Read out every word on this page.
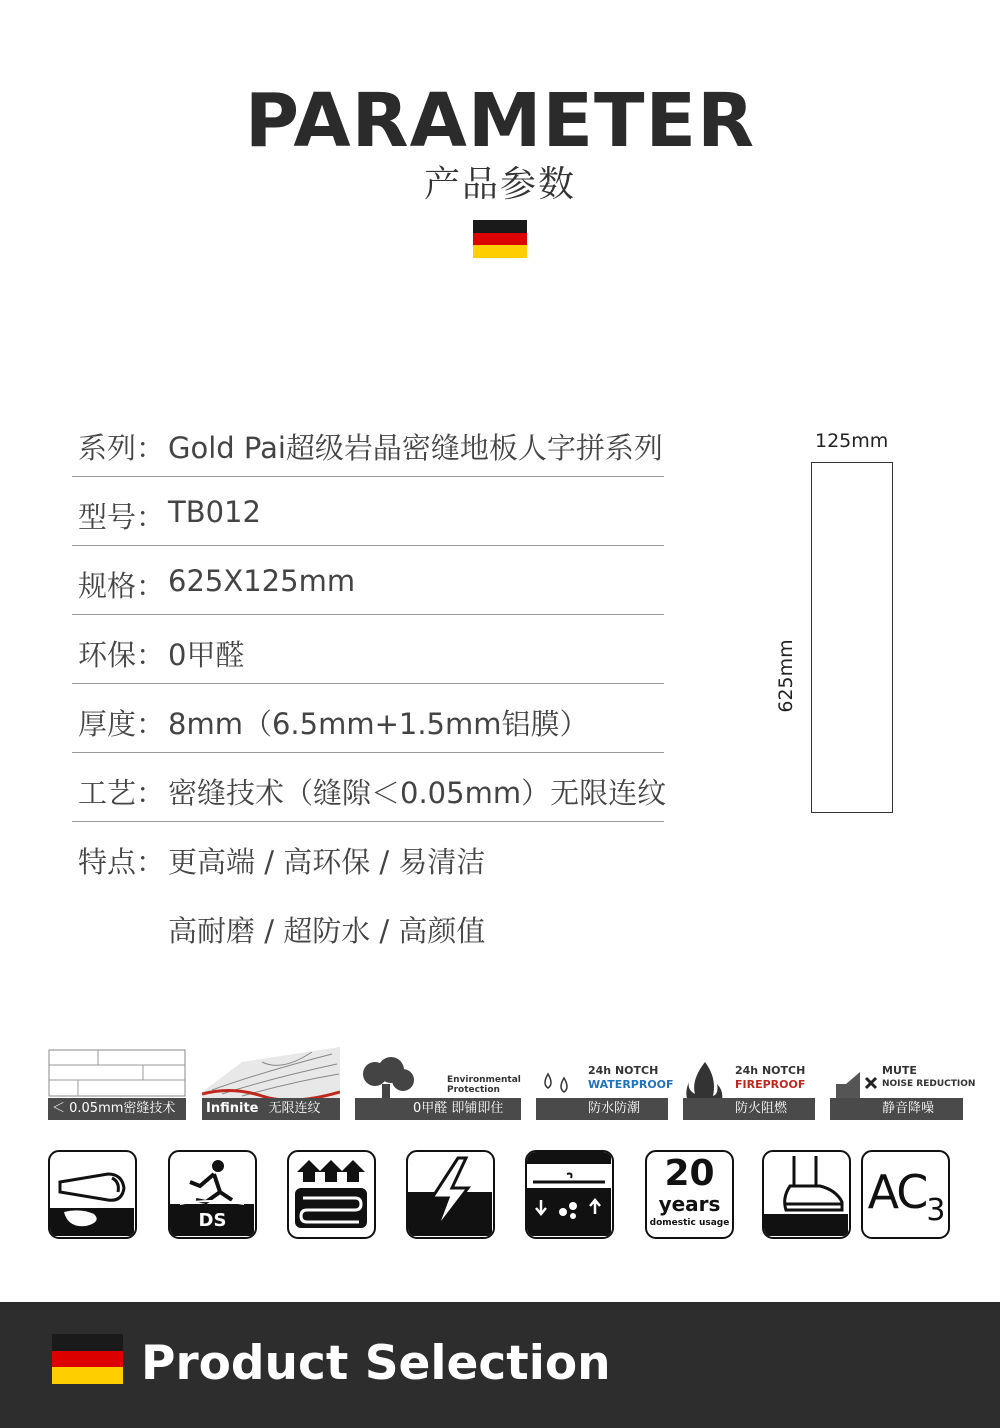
PARAMETER
产品参数
系列： Gold Pai超级岩晶密缝地板人字拼系列
型号： TB012
规格： 625X125mm
环保： 0甲醛
厚度： 8mm（6.5mm+1.5mm铝膜）
工艺： 密缝技术（缝隙＜0.05mm）无限连纹
特点： 更高端 / 高环保 / 易清洁
高耐磨 / 超防水 / 高颜值
125mm
625mm
＜ 0.05mm密缝技术	Infinite 无限连纹
Environmental
Protection
0甲醛 即铺即住
24h NOTCH
WATERPROOF
防水防潮
24h NOTCH
FIREPROOF
防火阻燃
MUTE
NOISE REDUCTION
静音降噪
DS
20
years
domestic usage
$AC_3$
Product Selection
